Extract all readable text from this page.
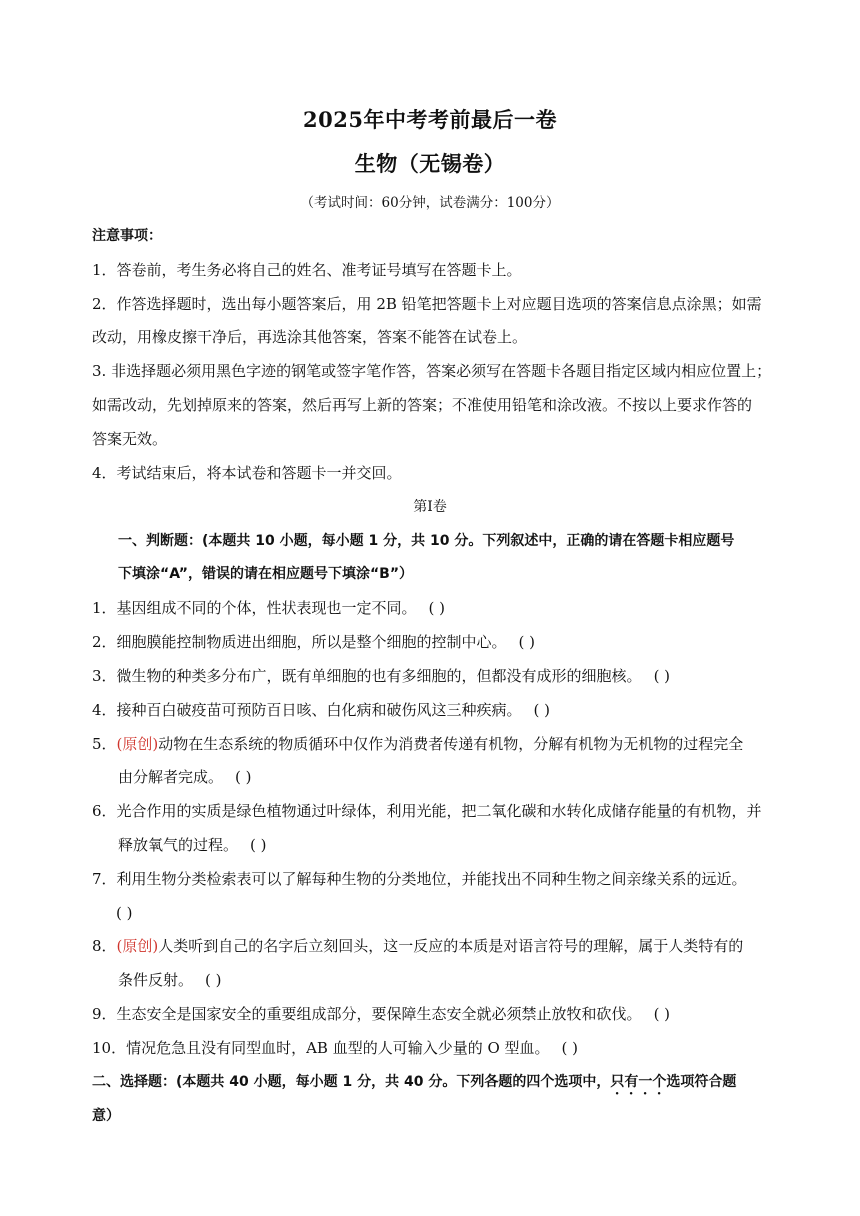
2025年中考考前最后一卷
生物（无锡卷）
（考试时间：60分钟，试卷满分：100分）
注意事项：
1．答卷前，考生务必将自己的姓名、准考证号填写在答题卡上。
2．作答选择题时，选出每小题答案后，用 2B 铅笔把答题卡上对应题目选项的答案信息点涂黑；如需
改动，用橡皮擦干净后，再选涂其他答案，答案不能答在试卷上。
3. 非选择题必须用黑色字迹的钢笔或签字笔作答，答案必须写在答题卡各题目指定区域内相应位置上；
如需改动，先划掉原来的答案，然后再写上新的答案；不准使用铅笔和涂改液。不按以上要求作答的
答案无效。
4．考试结束后，将本试卷和答题卡一并交回。
第Ⅰ卷
一、判断题：(本题共 10 小题，每小题 1 分，共 10 分。下列叙述中，正确的请在答题卡相应题号
下填涂“A”，错误的请在相应题号下填涂“B”）
1．基因组成不同的个体，性状表现也一定不同。 ( )
2．细胞膜能控制物质进出细胞，所以是整个细胞的控制中心。 ( )
3．微生物的种类多分布广，既有单细胞的也有多细胞的，但都没有成形的细胞核。 ( )
4．接种百白破疫苗可预防百日咳、白化病和破伤风这三种疾病。 ( )
5．(原创)动物在生态系统的物质循环中仅作为消费者传递有机物，分解有机物为无机物的过程完全
由分解者完成。 ( )
6．光合作用的实质是绿色植物通过叶绿体，利用光能，把二氧化碳和水转化成储存能量的有机物，并
释放氧气的过程。 ( )
7．利用生物分类检索表可以了解每种生物的分类地位，并能找出不同种生物之间亲缘关系的远近。
( )
8．(原创)人类听到自己的名字后立刻回头，这一反应的本质是对语言符号的理解，属于人类特有的
条件反射。 ( )
9．生态安全是国家安全的重要组成部分，要保障生态安全就必须禁止放牧和砍伐。 ( )
10．情况危急且没有同型血时，AB 血型的人可输入少量的 O 型血。 ( )
二、选择题：(本题共 40 小题，每小题 1 分，共 40 分。下列各题的四个选项中，只有一个选项符合题
意）
